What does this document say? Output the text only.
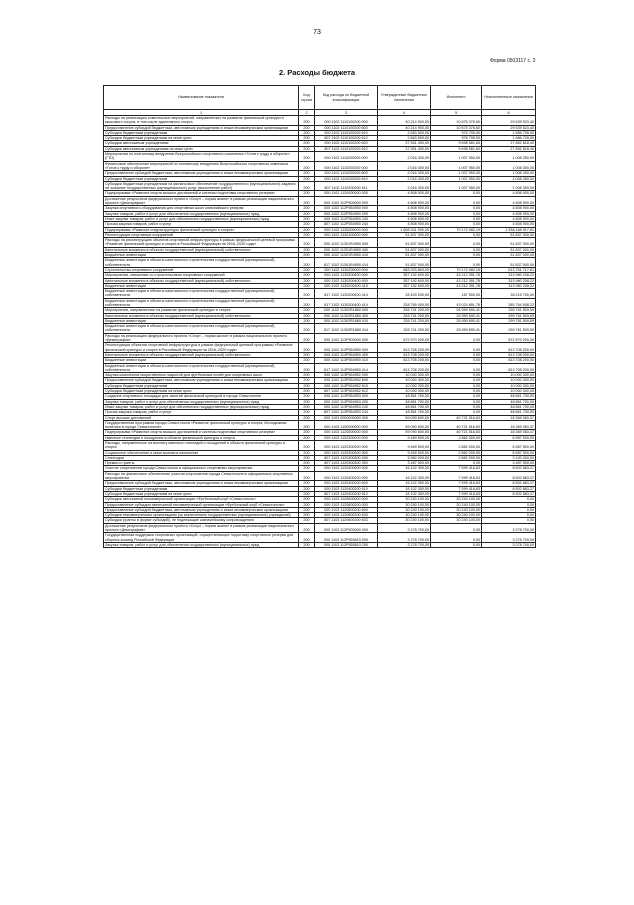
73
Форма 0503117 с. 2
2. Расходы бюджета
Наименование показателя	Код строки	Код расхода по бюджетной классификации	Утвержденные бюджетные назначения	Исполнено	Неисполненные назначения
1	2	3	4	5	6
Расходы на реализацию комплексных мероприятий, направленных на развитие физической культуры и массового спорта, в том числе адаптивного спорта	200	000 1102 1110100200 000	40 214 900,00	10 675 376,60	29 539 523,40
Предоставление субсидий бюджетным, автономным учреждениям и иным некоммерческим организациям	200	000 1102 1110100200 600	40 214 900,00	10 675 376,60	29 539 523,40
Субсидии бюджетным учреждениям	200	000 1102 1110100200 610	2 663 500,00	976 795,00	1 686 705,00
Субсидии бюджетным учреждениям на иные цели	200	807 1102 1110100200 612	2 663 500,00	976 795,00	1 686 705,00
Субсидии автономным учреждениям	200	000 1102 1110100200 620	37 551 400,00	9 698 581,60	27 852 818,40
Субсидии автономным учреждениям на иные цели	200	807 1102 1110100200 622	37 551 400,00	9 698 581,60	27 852 818,40
Мероприятия по поэтапному внедрению Всероссийского спортивного комплекса «Готов к труду и обороне» (ГТО)	200	000 1102 1110200000 000	2 016 300,00	1 007 950,00	1 008 350,00
Финансовое обеспечение мероприятий по поэтапному внедрению Всероссийского спортивного комплекса «Готов к труду и обороне»	200	000 1102 1110200200 000	2 016 300,00	1 007 950,00	1 008 350,00
Предоставление субсидий бюджетным, автономным учреждениям и иным некоммерческим организациям	200	000 1102 1110200200 600	2 016 300,00	1 007 950,00	1 008 350,00
Субсидии бюджетным учреждениям	200	000 1102 1110200200 610	2 016 300,00	1 007 950,00	1 008 350,00
Субсидии бюджетным учреждениям на финансовое обеспечение государственного (муниципального) задания на оказание государственных (муниципальных) услуг (выполнение работ)	200	807 1102 1110200200 611	2 016 300,00	1 007 950,00	1 008 350,00
Подпрограмма «Развитие спорта высших достижений и системы подготовки спортивного резерва»	200	000 1102 1120000000 000	4 808 900,00	0,00	4 808 900,00
Достижение результатов федерального проекта «Спорт – норма жизни» в рамках реализации национального проекта «Демография»	200	000 1102 112P500000 000	4 808 900,00	0,00	4 808 900,00
Закупка спортивного оборудования для спортивных школ олимпийского резерва	200	000 1102 112P554950 000	4 808 900,00	0,00	4 808 900,00
Закупка товаров, работ и услуг для обеспечения государственных (муниципальных) нужд	200	000 1102 112P554950 200	4 808 900,00	0,00	4 808 900,00
Иные закупки товаров, работ и услуг для обеспечения государственных (муниципальных) нужд	200	000 1102 112P554950 240	4 808 900,00	0,00	4 808 900,00
Прочая закупка товаров, работ и услуг	200	807 1102 112P554950 244	4 808 900,00	0,00	4 808 900,00
Подпрограмма «Развитие инфраструктуры физической культуры и спорта»	200	000 1102 1130000000 000	1 608 341 000,00	70 172 082,19	1 538 168 917,81
Реконструкция спортивных сооружений	200	000 1102 1130100000 000	51 837 000,00	0,00	51 837 000,00
Расходы на реконструкцию объектов спортивной инфраструктуры в рамках федеральной целевой программы «Развитие физической культуры и спорта в Российской Федерации на 2016–2020 годы»	200	000 1102 11301R4950 000	51 837 000,00	0,00	51 837 000,00
Капитальные вложения в объекты государственной (муниципальной) собственности	200	000 1102 11301R4950 400	51 837 000,00	0,00	51 837 000,00
Бюджетные инвестиции	200	000 1102 11301R4950 410	51 837 000,00	0,00	51 837 000,00
Бюджетные инвестиции в объекты капитального строительства государственной (муниципальной) собственности	200	817 1102 11301R4950 414	51 837 000,00	0,00	51 837 000,00
Строительство спортивных сооружений	200	000 1102 1130200000 000	683 933 800,00	70 172 082,19	613 761 717,81
Мероприятия, связанные со строительством спортивных сооружений	200	000 1102 1130200400 000	357 192 600,00	43 212 391,78	313 980 208,22
Капитальные вложения в объекты государственной (муниципальной) собственности	200	000 1102 1130200400 400	357 192 600,00	43 212 391,78	313 980 208,22
Бюджетные инвестиции	200	000 1102 1130200400 410	357 192 600,00	43 212 391,78	313 980 208,22
Бюджетные инвестиции в объекты капитального строительства государственной (муниципальной) собственности	200	817 1102 1130200400 414	28 403 200,00	187 500,00	28 215 700,00
Бюджетные инвестиции в объекты капитального строительства государственной (муниципальной) собственности	200	817 1102 1130200400 414	328 789 400,00	43 024 891,78	285 764 508,22
Мероприятия, направленные на развитие физической культуры и спорта	200	000 1102 11302R1860 000	326 741 200,00	26 959 690,41	299 781 509,59
Капитальные вложения в объекты государственной (муниципальной) собственности	200	000 1102 11302R1860 400	326 741 200,00	26 959 690,41	299 781 509,59
Бюджетные инвестиции	200	000 1102 11302R1860 410	326 741 200,00	26 959 690,41	299 781 509,59
Бюджетные инвестиции в объекты капитального строительства государственной (муниципальной) собственности	200	817 1102 11302R1860 414	326 741 200,00	26 959 690,41	299 781 509,59
Расходы на реализацию федерального проекта «Спорт – норма жизни» в рамках национального проекта «Демография»	200	000 1102 113P500000 000	872 570 200,00	0,00	872 570 200,00
Реконструкция объектов спортивной инфраструктуры в рамках федеральной целевой программы «Развитие физической культуры и спорта в Российской Федерации на 2016–2020 годы»	200	000 1102 113P554950 000	813 708 200,00	0,00	813 708 200,00
Капитальные вложения в объекты государственной (муниципальной) собственности	200	000 1102 113P554950 400	813 708 200,00	0,00	813 708 200,00
Бюджетные инвестиции	200	000 1102 113P554950 410	813 708 200,00	0,00	813 708 200,00
Бюджетные инвестиции в объекты капитального строительства государственной (муниципальной) собственности	200	817 1102 113P554950 414	813 708 200,00	0,00	813 708 200,00
Закупка комплектов искусственных покрытий для футбольных полей для спортивных школ	200	000 1102 113P554952 000	10 000 300,00	0,00	10 000 300,00
Предоставление субсидий бюджетным, автономным учреждениям и иным некоммерческим организациям	200	000 1102 113P554952 600	10 000 300,00	0,00	10 000 300,00
Субсидии бюджетным учреждениям	200	000 1102 113P554952 610	10 000 300,00	0,00	10 000 300,00
Субсидии бюджетным учреждениям на иные цели	200	807 1102 113P554952 612	10 000 300,00	0,00	10 000 300,00
Создание спортивных площадок для занятий физической культурой в городе Севастополе	200	000 1102 113P554953 000	48 861 700,00	0,00	48 861 700,00
Закупка товаров, работ и услуг для обеспечения государственных (муниципальных) нужд	200	000 1102 113P554953 200	48 861 700,00	0,00	48 861 700,00
Иные закупки товаров, работ и услуг для обеспечения государственных (муниципальных) нужд	200	000 1102 113P554953 240	48 861 700,00	0,00	48 861 700,00
Прочая закупка товаров, работ и услуг	200	807 1102 113P554953 244	48 861 700,00	0,00	48 861 700,00
Спорт высших достижений	200	000 1103 0000000000 000	59 090 600,00	40 721 516,63	18 369 083,37
Государственная программа города Севастополя «Развитие физической культуры и спорта. Молодежная политика в городе Севастополе»	200	000 1103 1100000000 000	59 090 600,00	40 721 516,63	18 369 083,37
Подпрограмма «Развитие спорта высших достижений и системы подготовки спортивного резерва»	200	000 1103 1120000000 000	59 090 600,00	40 721 516,63	18 369 083,37
Именные стипендии и поощрения в области физической культуры и спорта	200	000 1103 1120300000 000	9 469 500,00	2 882 000,00	6 587 500,00
Расходы, направленные на выплату именных стипендий и поощрений в области физической культуры и спорта	200	000 1103 1120300300 000	9 469 500,00	2 882 000,00	6 587 500,00
Социальное обеспечение и иные выплаты населению	200	000 1103 1120300300 300	9 469 500,00	2 882 000,00	6 587 500,00
Стипендии	200	807 1103 1120300300 340	5 982 000,00	2 882 000,00	3 100 000,00
Премии и гранты	200	807 1103 1120300300 350	3 487 500,00	0,00	3 487 500,00
Участие спортсменов города Севастополя в официальных спортивных мероприятиях	200	000 1103 1120400000 000	16 102 300,00	7 599 416,63	8 502 883,37
Расходы на финансовое обеспечение участия спортсменов города Севастополя в официальных спортивных мероприятиях	200	000 1103 1120400200 000	16 102 300,00	7 599 416,63	8 502 883,37
Предоставление субсидий бюджетным, автономным учреждениям и иным некоммерческим организациям	200	000 1103 1120400200 600	16 102 300,00	7 599 416,63	8 502 883,37
Субсидии бюджетным учреждениям	200	000 1103 1120400200 610	16 102 300,00	7 599 416,63	8 502 883,37
Субсидии бюджетным учреждениям на иные цели	200	807 1103 1120400200 612	16 102 300,00	7 599 416,63	8 502 883,37
Субсидии автономной некоммерческой организации «Футбольный клуб «Севастополь»	200	000 1103 1120600000 000	30 240 100,00	30 240 100,00	0,00
Предоставление субсидии автономной некоммерческой организации «Футбольный клуб «Севастополь»	200	000 1103 1120600200 000	30 240 100,00	30 240 100,00	0,00
Предоставление субсидий бюджетным, автономным учреждениям и иным некоммерческим организациям	200	000 1103 1120600200 600	30 240 100,00	30 240 100,00	0,00
Субсидии некоммерческим организациям (за исключением государственных (муниципальных) учреждений)	200	000 1103 1120600200 630	30 240 100,00	30 240 100,00	0,00
Субсидии (гранты в форме субсидий), не подлежащие казначейскому сопровождению	200	807 1103 1120600200 633	30 240 100,00	30 240 100,00	0,00
Достижение результатов федерального проекта «Спорт – норма жизни» в рамках реализации национального проекта «Демография»	200	000 1103 112P500000 000	3 278 700,00	0,00	3 278 700,00
Государственная поддержка спортивных организаций, осуществляющих подготовку спортивного резерва для сборных команд Российской Федерации	200	000 1103 112P555810 000	3 278 700,00	0,00	3 278 700,00
Закупка товаров, работ и услуг для обеспечения государственных (муниципальных) нужд	200	000 1103 112P555810 200	3 278 700,00	0,00	3 278 700,00
